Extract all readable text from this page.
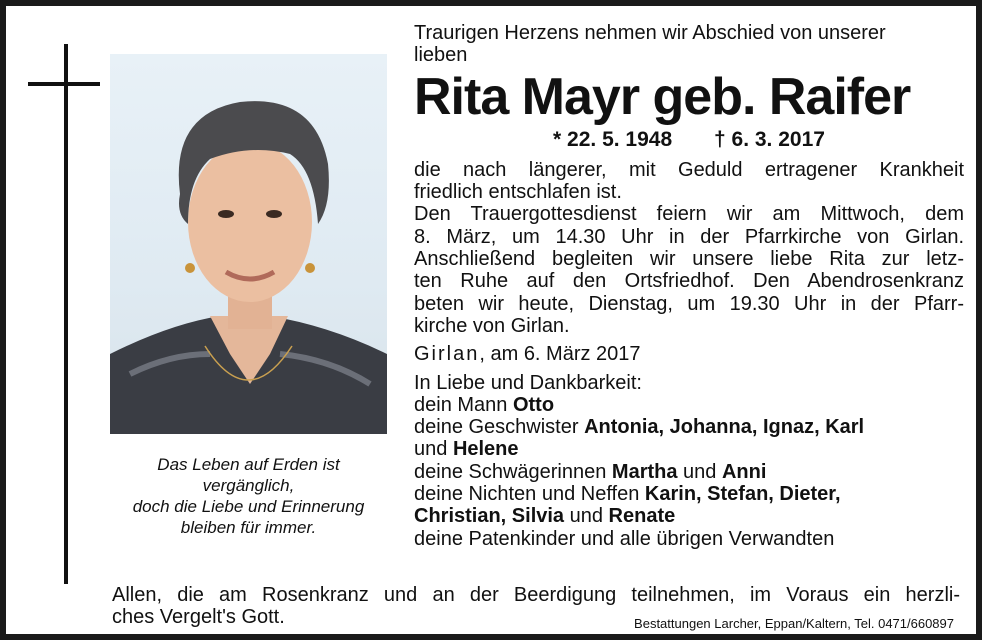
Das Leben auf Erden ist
vergänglich,
doch die Liebe und Erinnerung
bleiben für immer.
Traurigen Herzens nehmen wir Abschied von unserer
lieben
Rita Mayr geb. Raifer
* 22. 5. 1948 † 6. 3. 2017
die nach längerer, mit Geduld ertragener Krankheit
friedlich entschlafen ist.
Den Trauergottesdienst feiern wir am Mittwoch, dem
8. März, um 14.30 Uhr in der Pfarrkirche von Girlan.
Anschließend begleiten wir unsere liebe Rita zur letz-
ten Ruhe auf den Ortsfriedhof. Den Abendrosenkranz
beten wir heute, Dienstag, um 19.30 Uhr in der Pfarr-
kirche von Girlan.
Girlan, am 6. März 2017
In Liebe und Dankbarkeit:
dein Mann Otto
deine Geschwister Antonia, Johanna, Ignaz, Karl
und Helene
deine Schwägerinnen Martha und Anni
deine Nichten und Neffen Karin, Stefan, Dieter,
Christian, Silvia und Renate
deine Patenkinder und alle übrigen Verwandten
Allen, die am Rosenkranz und an der Beerdigung teilnehmen, im Voraus ein herzli-
ches Vergelt's Gott.	Bestattungen Larcher, Eppan/Kaltern, Tel. 0471/660897
